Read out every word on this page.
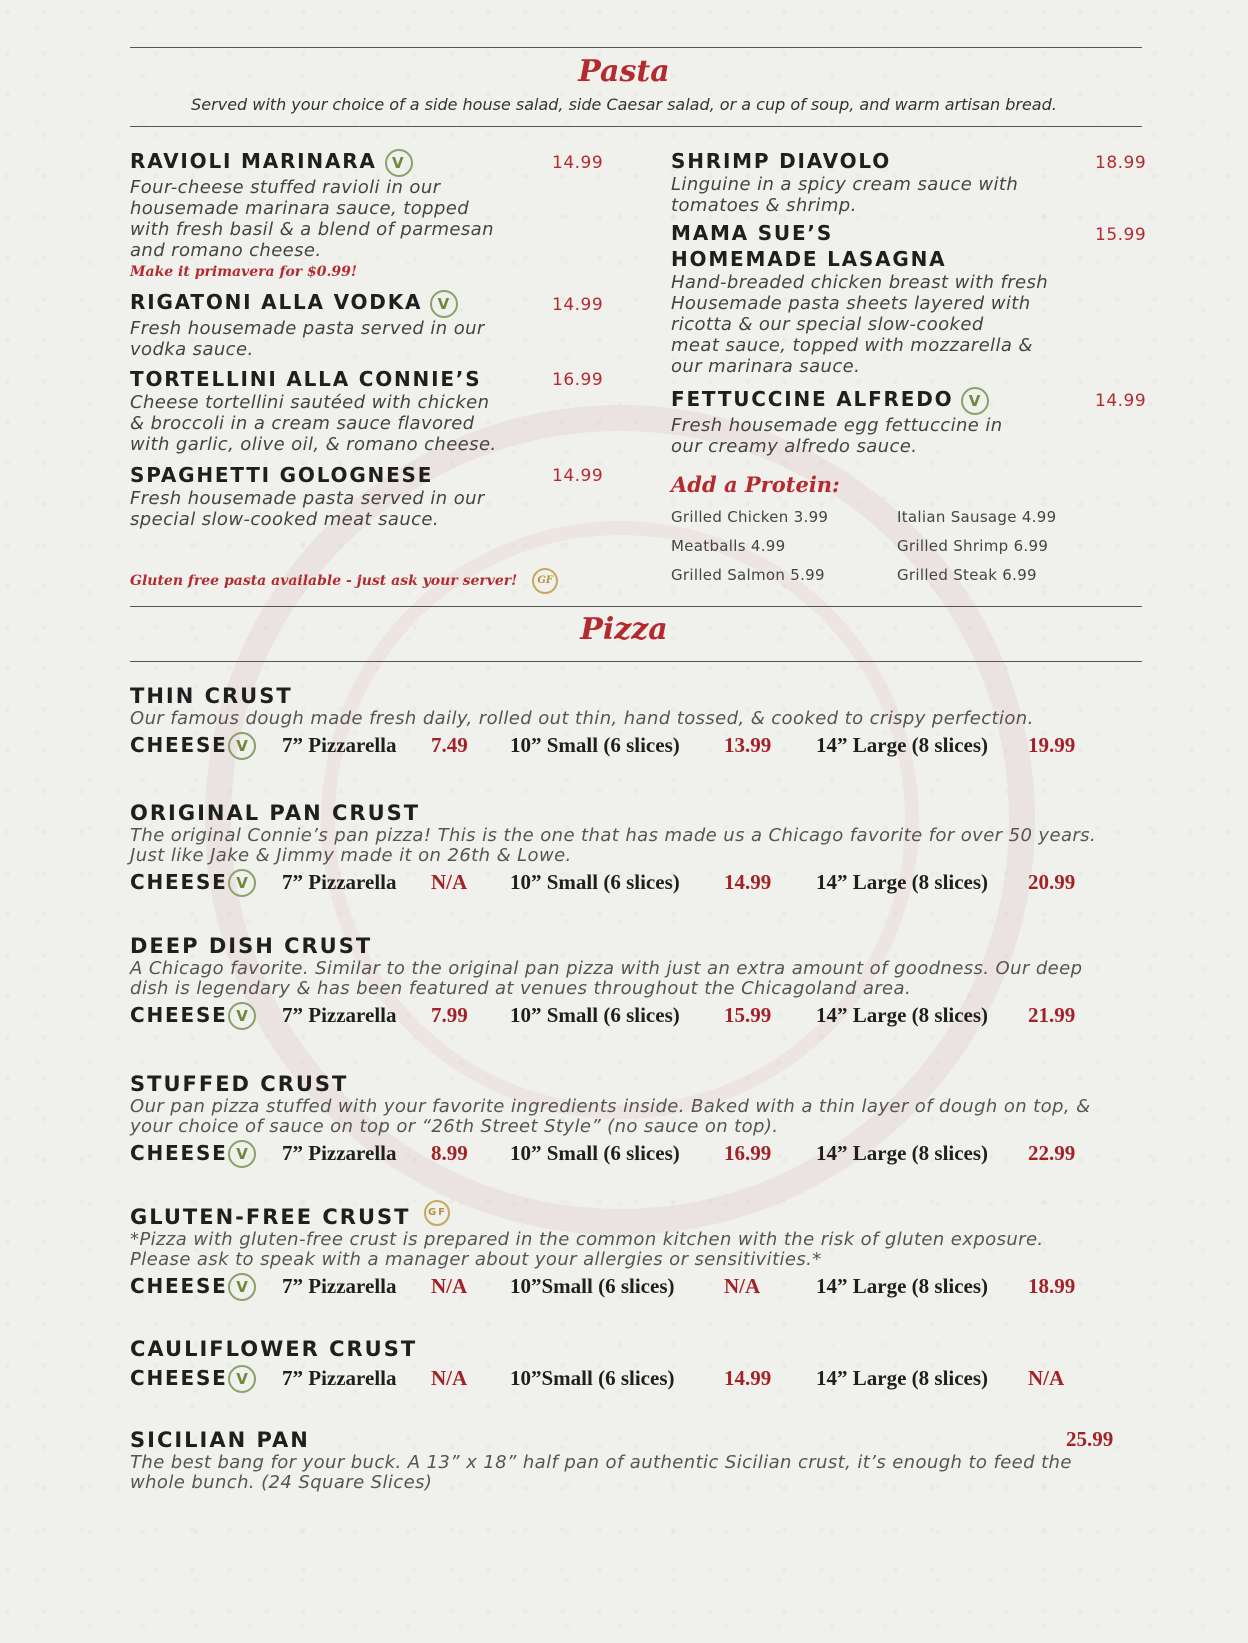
Pasta
Served with your choice of a side house salad, side Caesar salad, or a cup of soup, and warm artisan bread.
RAVIOLI MARINARA V
Four-cheese stuffed ravioli in our
housemade marinara sauce, topped
with fresh basil & a blend of parmesan
and romano cheese.
14.99
Make it primavera for $0.99!
RIGATONI ALLA VODKA V
Fresh housemade pasta served in our
vodka sauce.
14.99
TORTELLINI ALLA CONNIE’S
Cheese tortellini sautéed with chicken
& broccoli in a cream sauce flavored
with garlic, olive oil, & romano cheese.
16.99
SPAGHETTI GOLOGNESE
Fresh housemade pasta served in our
special slow-cooked meat sauce.
14.99
Gluten free pasta available - just ask your server! GF
SHRIMP DIAVOLO
Linguine in a spicy cream sauce with
tomatoes & shrimp.
18.99
MAMA SUE’S
HOMEMADE LASAGNA
Hand-breaded chicken breast with fresh
Housemade pasta sheets layered with
ricotta & our special slow-cooked
meat sauce, topped with mozzarella &
our marinara sauce.
15.99
FETTUCCINE ALFREDO V
Fresh housemade egg fettuccine in
our creamy alfredo sauce.
14.99
Add a Protein:
Grilled Chicken 3.99	Italian Sausage 4.99
Meatballs 4.99	Grilled Shrimp 6.99
Grilled Salmon 5.99	Grilled Steak 6.99
Pizza
THIN CRUST
Our famous dough made fresh daily, rolled out thin, hand tossed, & cooked to crispy perfection.
CHEESE V	7” Pizzarella 7.49 10” Small (6 slices) 13.99 14” Large (8 slices) 19.99
ORIGINAL PAN CRUST
The original Connie’s pan pizza! This is the one that has made us a Chicago favorite for over 50 years.
Just like Jake & Jimmy made it on 26th & Lowe.
CHEESE V	7” Pizzarella N/A 10” Small (6 slices) 14.99 14” Large (8 slices) 20.99
DEEP DISH CRUST
A Chicago favorite. Similar to the original pan pizza with just an extra amount of goodness. Our deep
dish is legendary & has been featured at venues throughout the Chicagoland area.
CHEESE V	7” Pizzarella 7.99 10” Small (6 slices) 15.99 14” Large (8 slices) 21.99
STUFFED CRUST
Our pan pizza stuffed with your favorite ingredients inside. Baked with a thin layer of dough on top, &
your choice of sauce on top or “26th Street Style” (no sauce on top).
CHEESE V	7” Pizzarella 8.99 10” Small (6 slices) 16.99 14” Large (8 slices) 22.99
GLUTEN-FREE CRUST GF
*Pizza with gluten-free crust is prepared in the common kitchen with the risk of gluten exposure.
Please ask to speak with a manager about your allergies or sensitivities.*
CHEESE V	7” Pizzarella N/A 10”Small (6 slices) N/A	14” Large (8 slices) 18.99
CAULIFLOWER CRUST
CHEESE V	7” Pizzarella N/A 10”Small (6 slices) 14.99 14” Large (8 slices) N/A
SICILIAN PAN
The best bang for your buck. A 13” x 18” half pan of authentic Sicilian crust, it’s enough to feed the
whole bunch. (24 Square Slices)
25.99
